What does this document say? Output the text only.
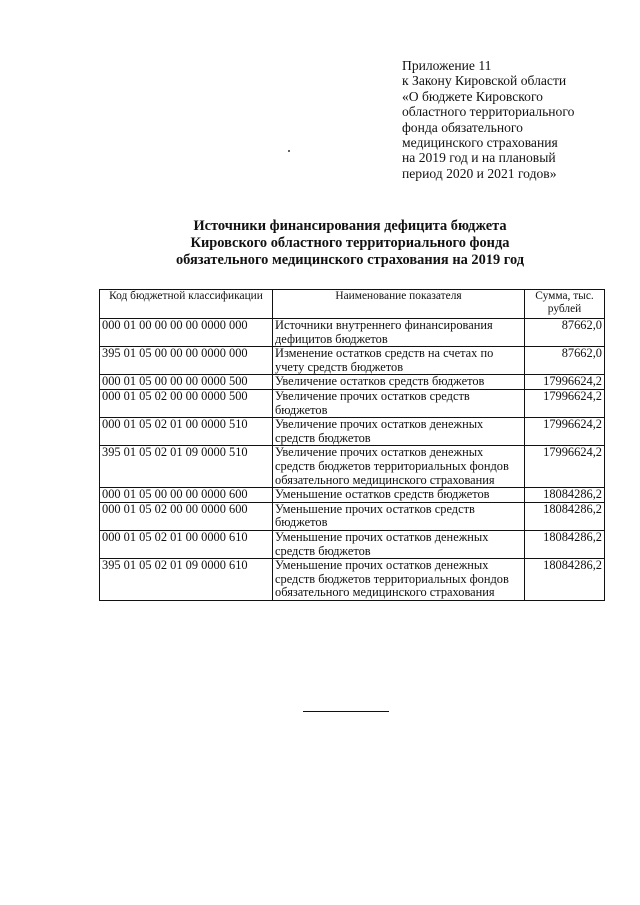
Приложение 11
к Закону Кировской области
«О бюджете Кировского
областного территориального
фонда обязательного
медицинского страхования
на 2019 год и на плановый
период 2020 и 2021 годов»
Источники финансирования дефицита бюджета
Кировского областного территориального фонда
обязательного медицинского страхования на 2019 год
Код бюджетной классификации	Наименование показателя	Сумма, тыс. рублей
000 01 00 00 00 00 0000 000	Источники внутреннего финансирования дефицитов бюджетов	87662,0
395 01 05 00 00 00 0000 000	Изменение остатков средств на счетах по учету средств бюджетов	87662,0
000 01 05 00 00 00 0000 500	Увеличение остатков средств бюджетов	17996624,2
000 01 05 02 00 00 0000 500	Увеличение прочих остатков средств бюджетов	17996624,2
000 01 05 02 01 00 0000 510	Увеличение прочих остатков денежных средств бюджетов	17996624,2
395 01 05 02 01 09 0000 510	Увеличение прочих остатков денежных средств бюджетов территориальных фондов обязательного медицинского страхования	17996624,2
000 01 05 00 00 00 0000 600	Уменьшение остатков средств бюджетов	18084286,2
000 01 05 02 00 00 0000 600	Уменьшение прочих остатков средств бюджетов	18084286,2
000 01 05 02 01 00 0000 610	Уменьшение прочих остатков денежных средств бюджетов	18084286,2
395 01 05 02 01 09 0000 610	Уменьшение прочих остатков денежных средств бюджетов территориальных фондов обязательного медицинского страхования	18084286,2
